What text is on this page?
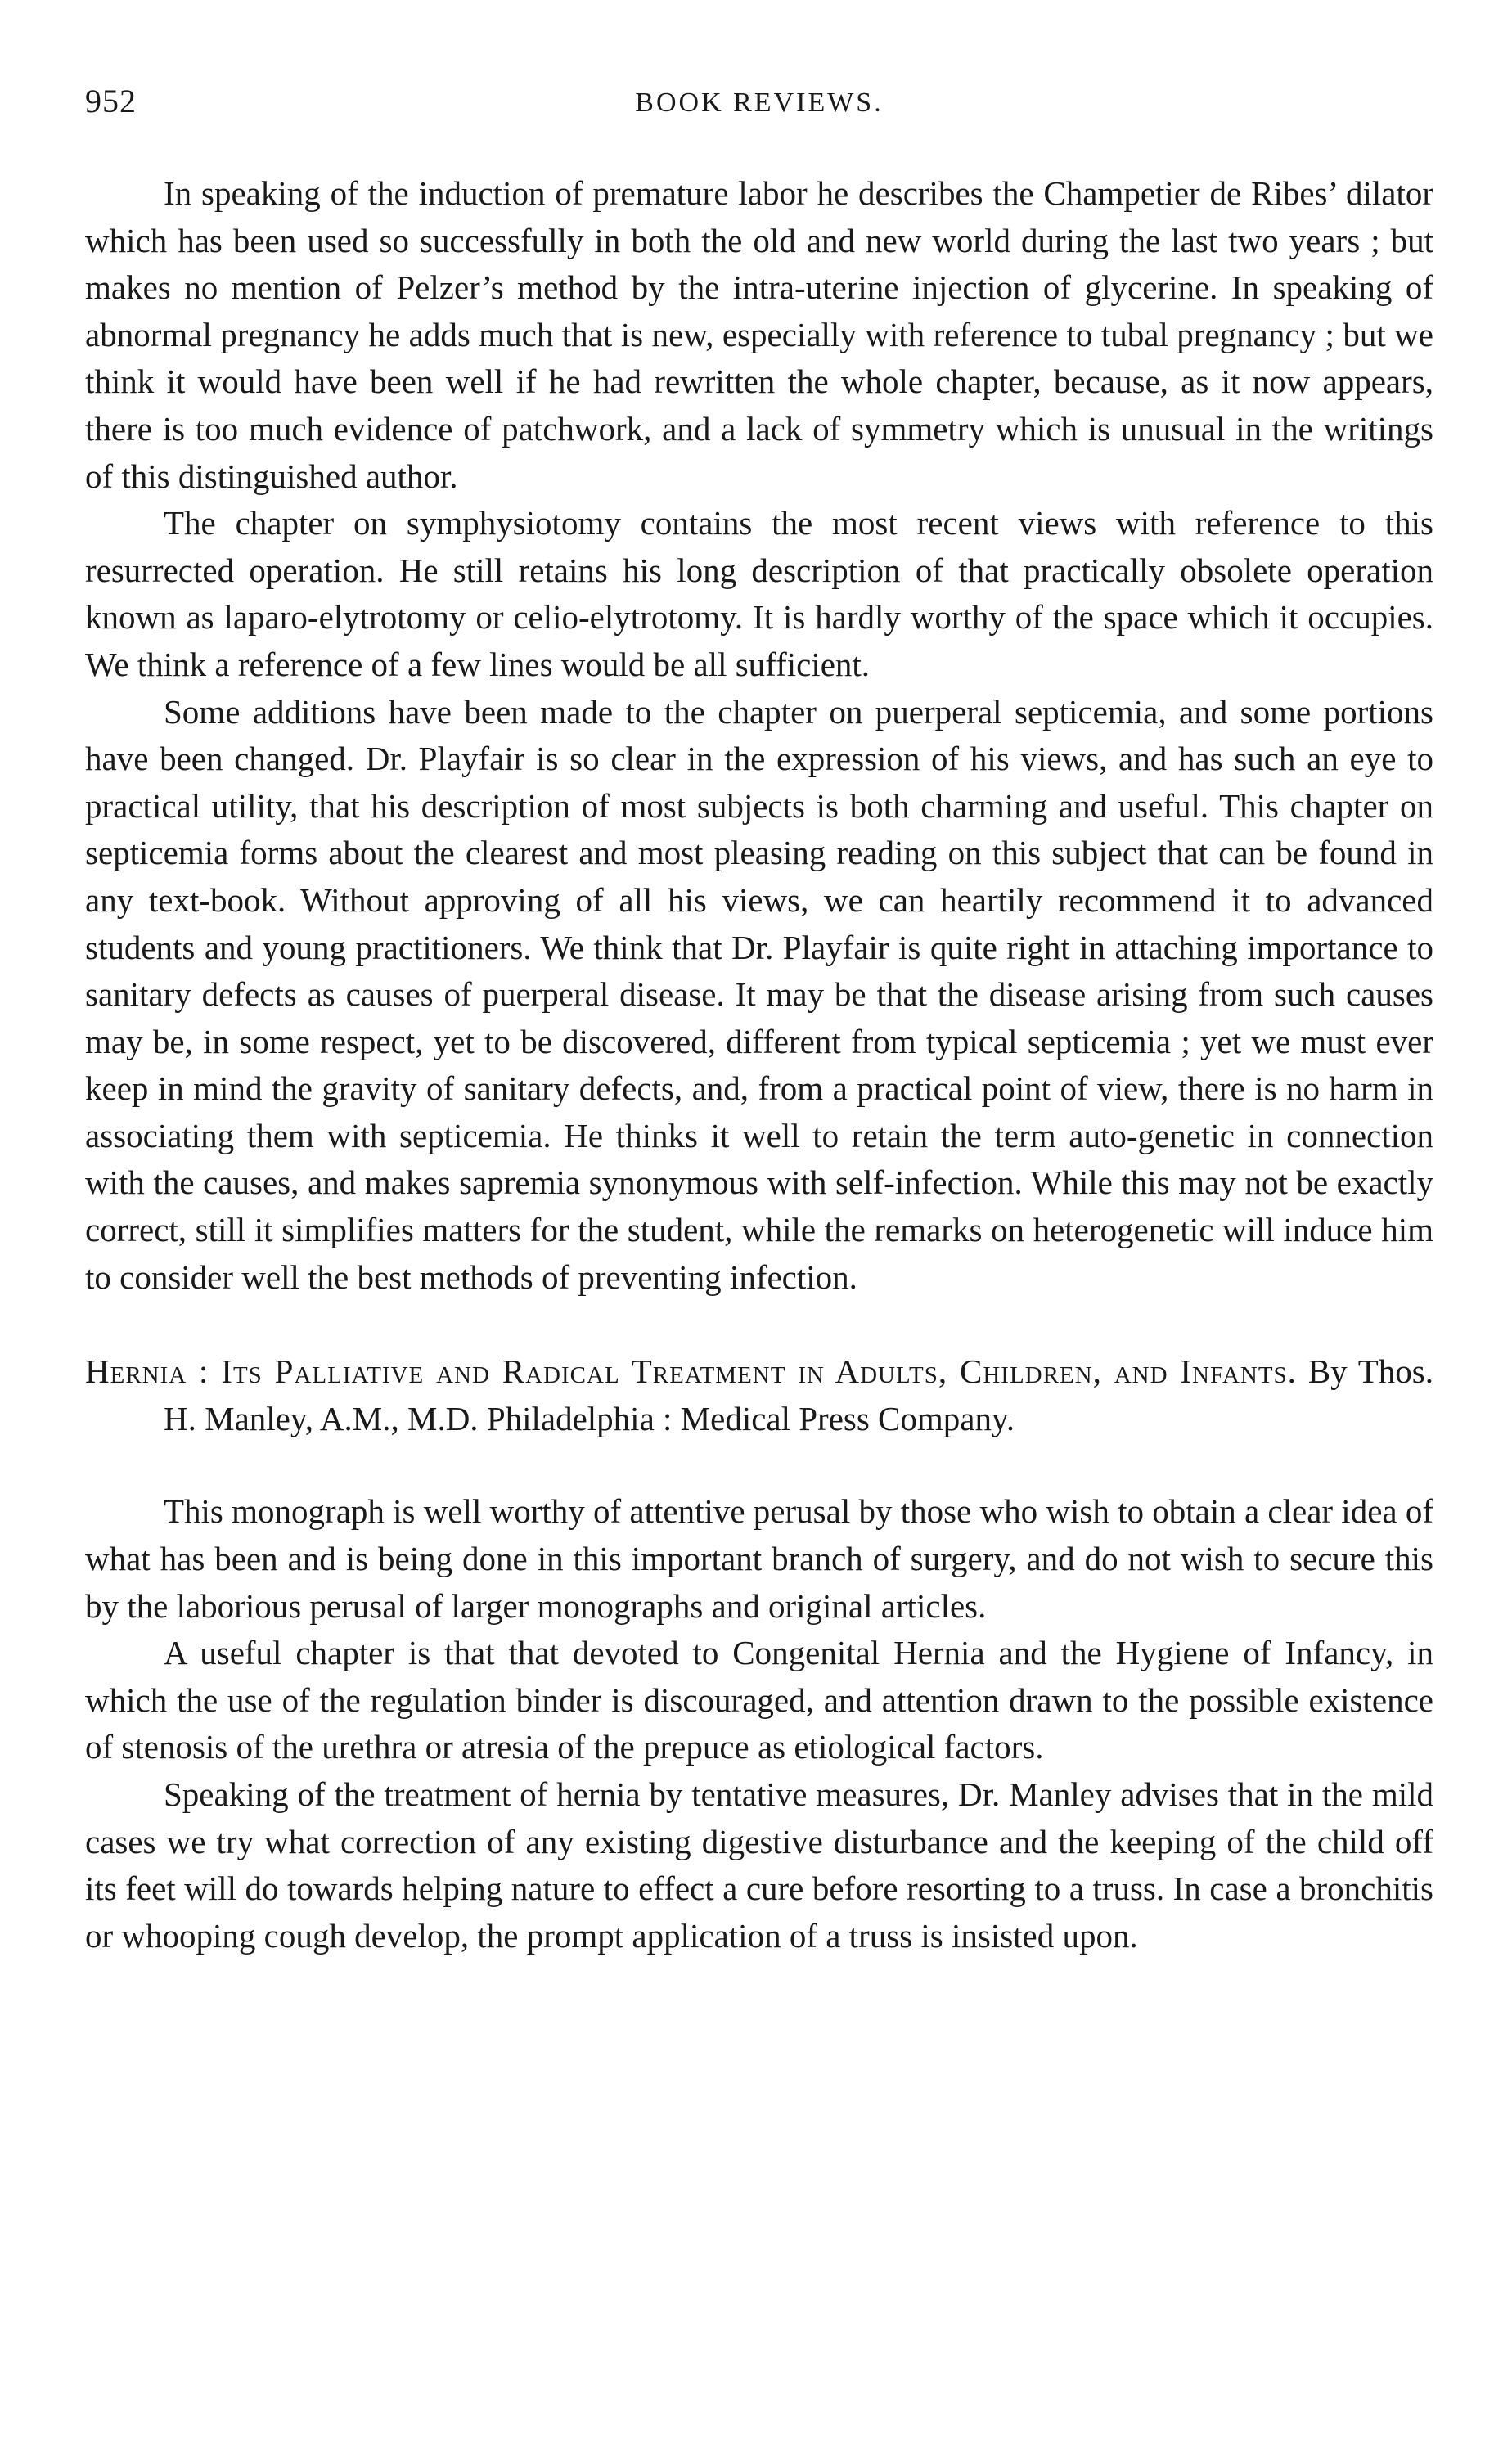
952	BOOK REVIEWS.

In speaking of the induction of premature labor he describes the Champetier de Ribes’ dilator which has been used so successfully in both the old and new world during the last two years ; but makes no mention of Pelzer’s method by the intra-uterine injection of glycerine. In speaking of abnormal pregnancy he adds much that is new, especially with reference to tubal pregnancy ; but we think it would have been well if he had rewritten the whole chapter, because, as it now appears, there is too much evidence of patchwork, and a lack of symmetry which is unusual in the writings of this distinguished author.

The chapter on symphysiotomy contains the most recent views with reference to this resurrected operation. He still retains his long description of that practically obsolete operation known as laparo-elytrotomy or celio-elytrotomy. It is hardly worthy of the space which it occupies. We think a reference of a few lines would be all sufficient.

Some additions have been made to the chapter on puerperal septicemia, and some portions have been changed. Dr. Playfair is so clear in the expression of his views, and has such an eye to practical utility, that his description of most subjects is both charming and useful. This chapter on septicemia forms about the clearest and most pleasing reading on this subject that can be found in any text-book. Without approving of all his views, we can heartily recommend it to advanced students and young practitioners. We think that Dr. Playfair is quite right in attaching importance to sanitary defects as causes of puerperal disease. It may be that the disease arising from such causes may be, in some respect, yet to be discovered, different from typical septicemia ; yet we must ever keep in mind the gravity of sanitary defects, and, from a practical point of view, there is no harm in associating them with septicemia. He thinks it well to retain the term auto-genetic in connection with the causes, and makes sapremia synonymous with self-infection. While this may not be exactly correct, still it simplifies matters for the student, while the remarks on heterogenetic will induce him to consider well the best methods of preventing infection.

Hernia : Its Palliative and Radical Treatment in Adults, Children, and Infants. By Thos. H. Manley, A.M., M.D. Philadelphia : Medical Press Company.

This monograph is well worthy of attentive perusal by those who wish to obtain a clear idea of what has been and is being done in this important branch of surgery, and do not wish to secure this by the laborious perusal of larger monographs and original articles.

A useful chapter is that that devoted to Congenital Hernia and the Hygiene of Infancy, in which the use of the regulation binder is discouraged, and attention drawn to the possible existence of stenosis of the urethra or atresia of the prepuce as etiological factors.

Speaking of the treatment of hernia by tentative measures, Dr. Manley advises that in the mild cases we try what correction of any existing digestive disturbance and the keeping of the child off its feet will do towards helping nature to effect a cure before resorting to a truss. In case a bronchitis or whooping cough develop, the prompt application of a truss is insisted upon.
